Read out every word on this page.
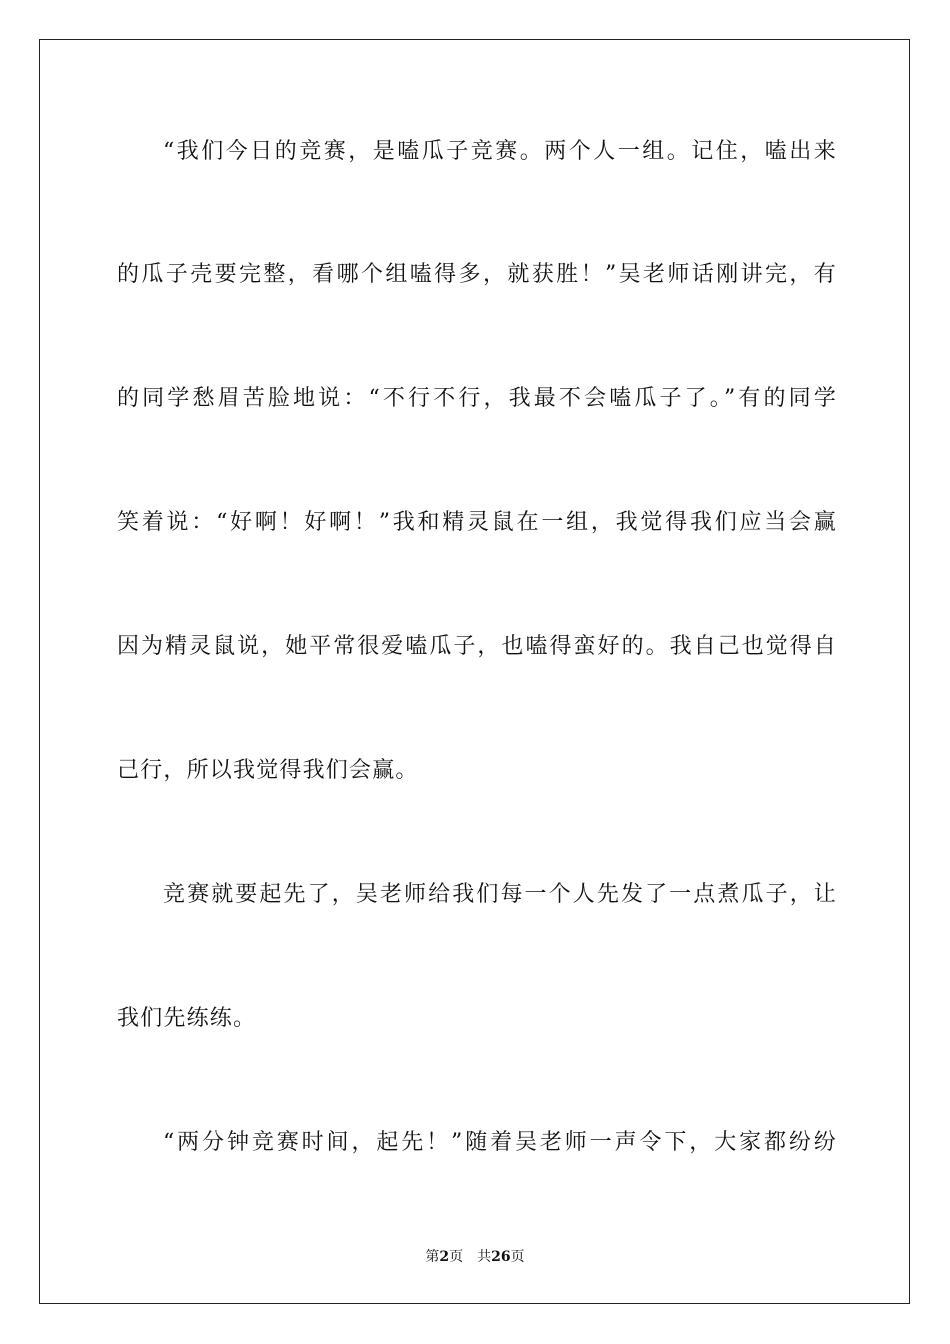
“我们今日的竞赛，是嗑瓜子竞赛。两个人一组。记住，嗑出来
的瓜子壳要完整，看哪个组嗑得多，就获胜！”吴老师话刚讲完，有
的同学愁眉苦脸地说：“不行不行，我最不会嗑瓜子了。”有的同学
笑着说：“好啊！好啊！”我和精灵鼠在一组，我觉得我们应当会赢
因为精灵鼠说，她平常很爱嗑瓜子，也嗑得蛮好的。我自己也觉得自
己行，所以我觉得我们会赢。
竞赛就要起先了，吴老师给我们每一个人先发了一点煮瓜子，让
我们先练练。
“两分钟竞赛时间，起先！”随着吴老师一声令下，大家都纷纷
第2页 共26页
